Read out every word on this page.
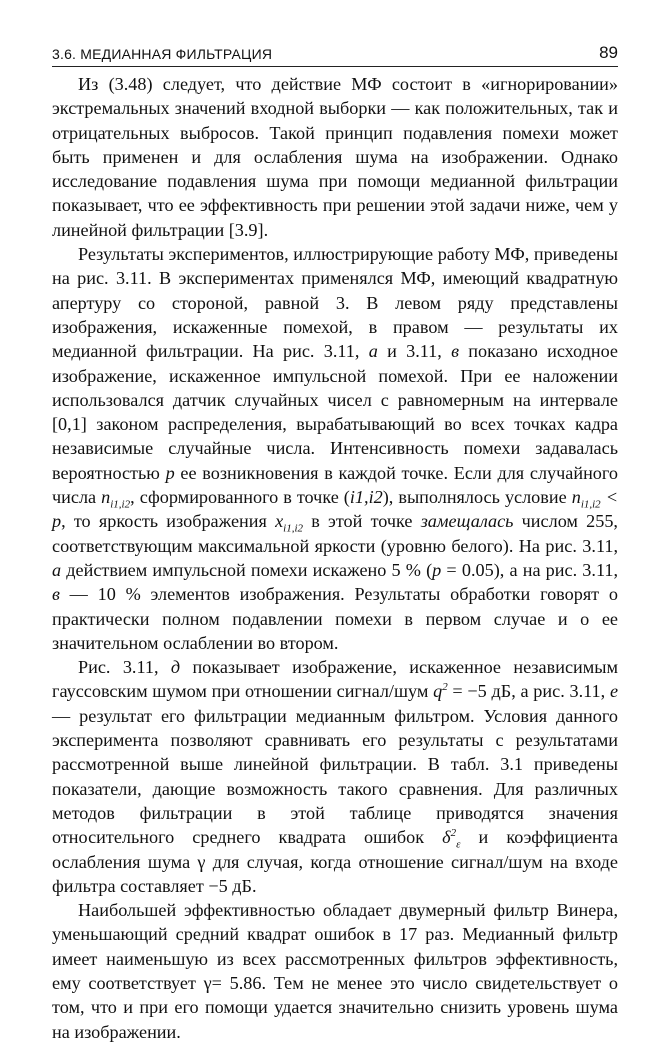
3.6. МЕДИАННАЯ ФИЛЬТРАЦИЯ	89

Из (3.48) следует, что действие МФ состоит в «игнорировании» экстремальных значений входной выборки — как положительных, так и отрицательных выбросов. Такой принцип подавления помехи может быть применен и для ослабления шума на изображении. Однако исследование подавления шума при помощи медианной фильтрации показывает, что ее эффективность при решении этой задачи ниже, чем у линейной фильтрации [3.9].

Результаты экспериментов, иллюстрирующие работу МФ, приведены на рис. 3.11. В экспериментах применялся МФ, имеющий квадратную апертуру со стороной, равной 3. В левом ряду представлены изображения, искаженные помехой, в правом — результаты их медианной фильтрации. На рис. 3.11, а и 3.11, в показано исходное изображение, искаженное импульсной помехой. При ее наложении использовался датчик случайных чисел с равномерным на интервале [0,1] законом распределения, вырабатывающий во всех точках кадра независимые случайные числа. Интенсивность помехи задавалась вероятностью p ее возникновения в каждой точке. Если для случайного числа $n_{i1,i2}$, сформированного в точке (i1,i2), выполнялось условие $n_{i1,i2} < p$, то яркость изображения $x_{i1,i2}$ в этой точке замещалась числом 255, соответствующим максимальной яркости (уровню белого). На рис. 3.11, а действием импульсной помехи искажено 5 % (p = 0.05), а на рис. 3.11, в — 10 % элементов изображения. Результаты обработки говорят о практически полном подавлении помехи в первом случае и о ее значительном ослаблении во втором.

Рис. 3.11, д показывает изображение, искаженное независимым гауссовским шумом при отношении сигнал/шум $q^2 = -5$ дБ, а рис. 3.11, е — результат его фильтрации медианным фильтром. Условия данного эксперимента позволяют сравнивать его результаты с результатами рассмотренной выше линейной фильтрации. В табл. 3.1 приведены показатели, дающие возможность такого сравнения. Для различных методов фильтрации в этой таблице приводятся значения относительного среднего квадрата ошибок $\delta^2_\varepsilon$ и коэффициента ослабления шума γ для случая, когда отношение сигнал/шум на входе фильтра составляет −5 дБ.

Наибольшей эффективностью обладает двумерный фильтр Винера, уменьшающий средний квадрат ошибок в 17 раз. Медианный фильтр имеет наименьшую из всех рассмотренных фильтров эффективность, ему соответствует γ= 5.86. Тем не менее это число свидетельствует о том, что и при его помощи удается значительно снизить уровень шума на изображении.
